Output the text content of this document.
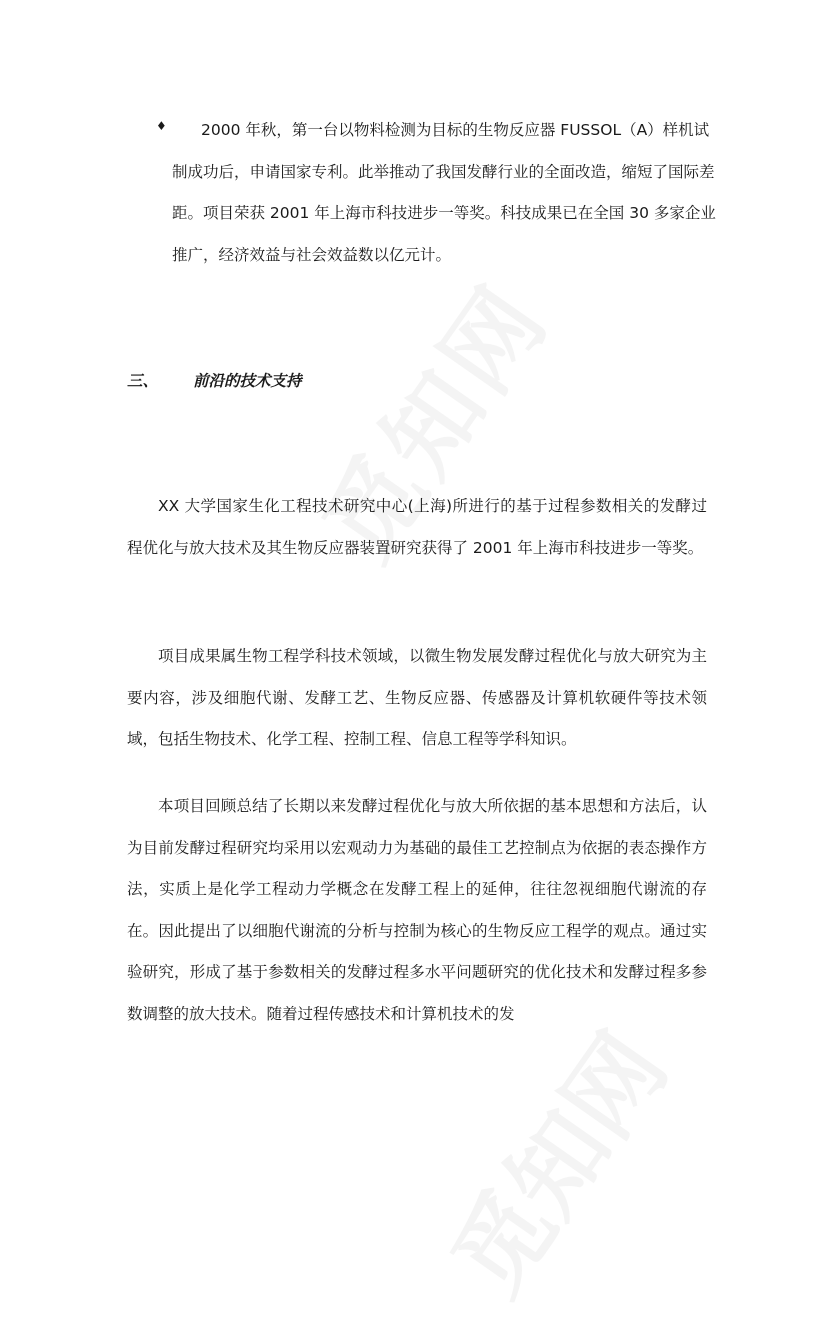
♦	2000 年秋，第一台以物料检测为目标的生物反应器 FUSSOL（A）样机试制成功后，申请国家专利。此举推动了我国发酵行业的全面改造，缩短了国际差距。项目荣获 2001 年上海市科技进步一等奖。科技成果已在全国 30 多家企业推广，经济效益与社会效益数以亿元计。
三、 前沿的技术支持
XX 大学国家生化工程技术研究中心(上海)所进行的基于过程参数相关的发酵过程优化与放大技术及其生物反应器装置研究获得了 2001 年上海市科技进步一等奖。
项目成果属生物工程学科技术领域，以微生物发展发酵过程优化与放大研究为主要内容，涉及细胞代谢、发酵工艺、生物反应器、传感器及计算机软硬件等技术领域，包括生物技术、化学工程、控制工程、信息工程等学科知识。
本项目回顾总结了长期以来发酵过程优化与放大所依据的基本思想和方法后，认为目前发酵过程研究均采用以宏观动力为基础的最佳工艺控制点为依据的表态操作方法，实质上是化学工程动力学概念在发酵工程上的延伸，往往忽视细胞代谢流的存在。因此提出了以细胞代谢流的分析与控制为核心的生物反应工程学的观点。通过实验研究，形成了基于参数相关的发酵过程多水平问题研究的优化技术和发酵过程多参数调整的放大技术。随着过程传感技术和计算机技术的发
